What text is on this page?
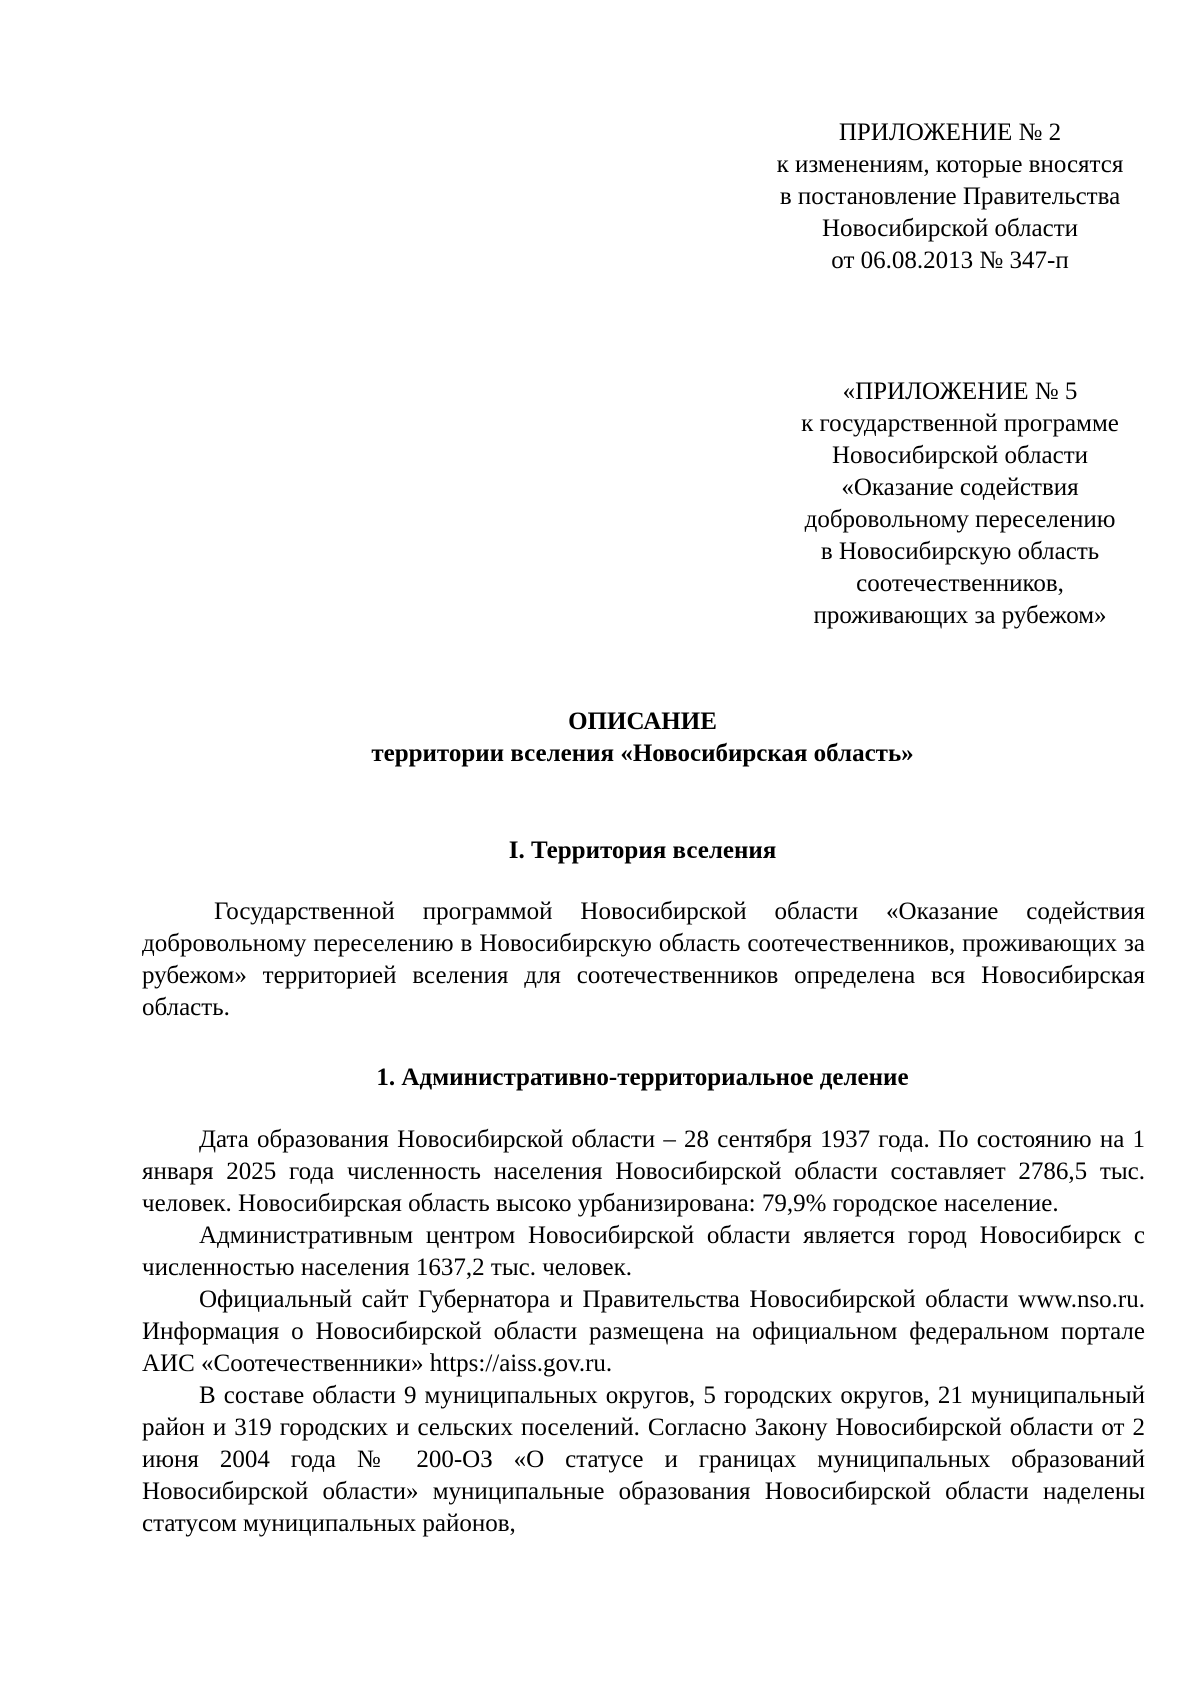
ПРИЛОЖЕНИЕ № 2
к изменениям, которые вносятся
в постановление Правительства
Новосибирской области
от 06.08.2013 № 347-п
«ПРИЛОЖЕНИЕ № 5
к государственной программе
Новосибирской области
«Оказание содействия
добровольному переселению
в Новосибирскую область
соотечественников,
проживающих за рубежом»
ОПИСАНИЕ
территории вселения «Новосибирская область»
I. Территория вселения

Государственной программой Новосибирской области «Оказание содействия добровольному переселению в Новосибирскую область соотечественников, проживающих за рубежом» территорией вселения для соотечественников определена вся Новосибирская область.

1. Административно-территориальное деление

Дата образования Новосибирской области – 28 сентября 1937 года. По состоянию на 1 января 2025 года численность населения Новосибирской области составляет 2786,5 тыс. человек. Новосибирская область высоко урбанизирована: 79,9% городское население.

Административным центром Новосибирской области является город Новосибирск с численностью населения 1637,2 тыс. человек.

Официальный сайт Губернатора и Правительства Новосибирской области www.nso.ru. Информация о Новосибирской области размещена на официальном федеральном портале АИС «Соотечественники» https://aiss.gov.ru.

В составе области 9 муниципальных округов, 5 городских округов, 21 муниципальный район и 319 городских и сельских поселений. Согласно Закону Новосибирской области от 2 июня 2004 года № 200-ОЗ «О статусе и границах муниципальных образований Новосибирской области» муниципальные образования Новосибирской области наделены статусом муниципальных районов,
